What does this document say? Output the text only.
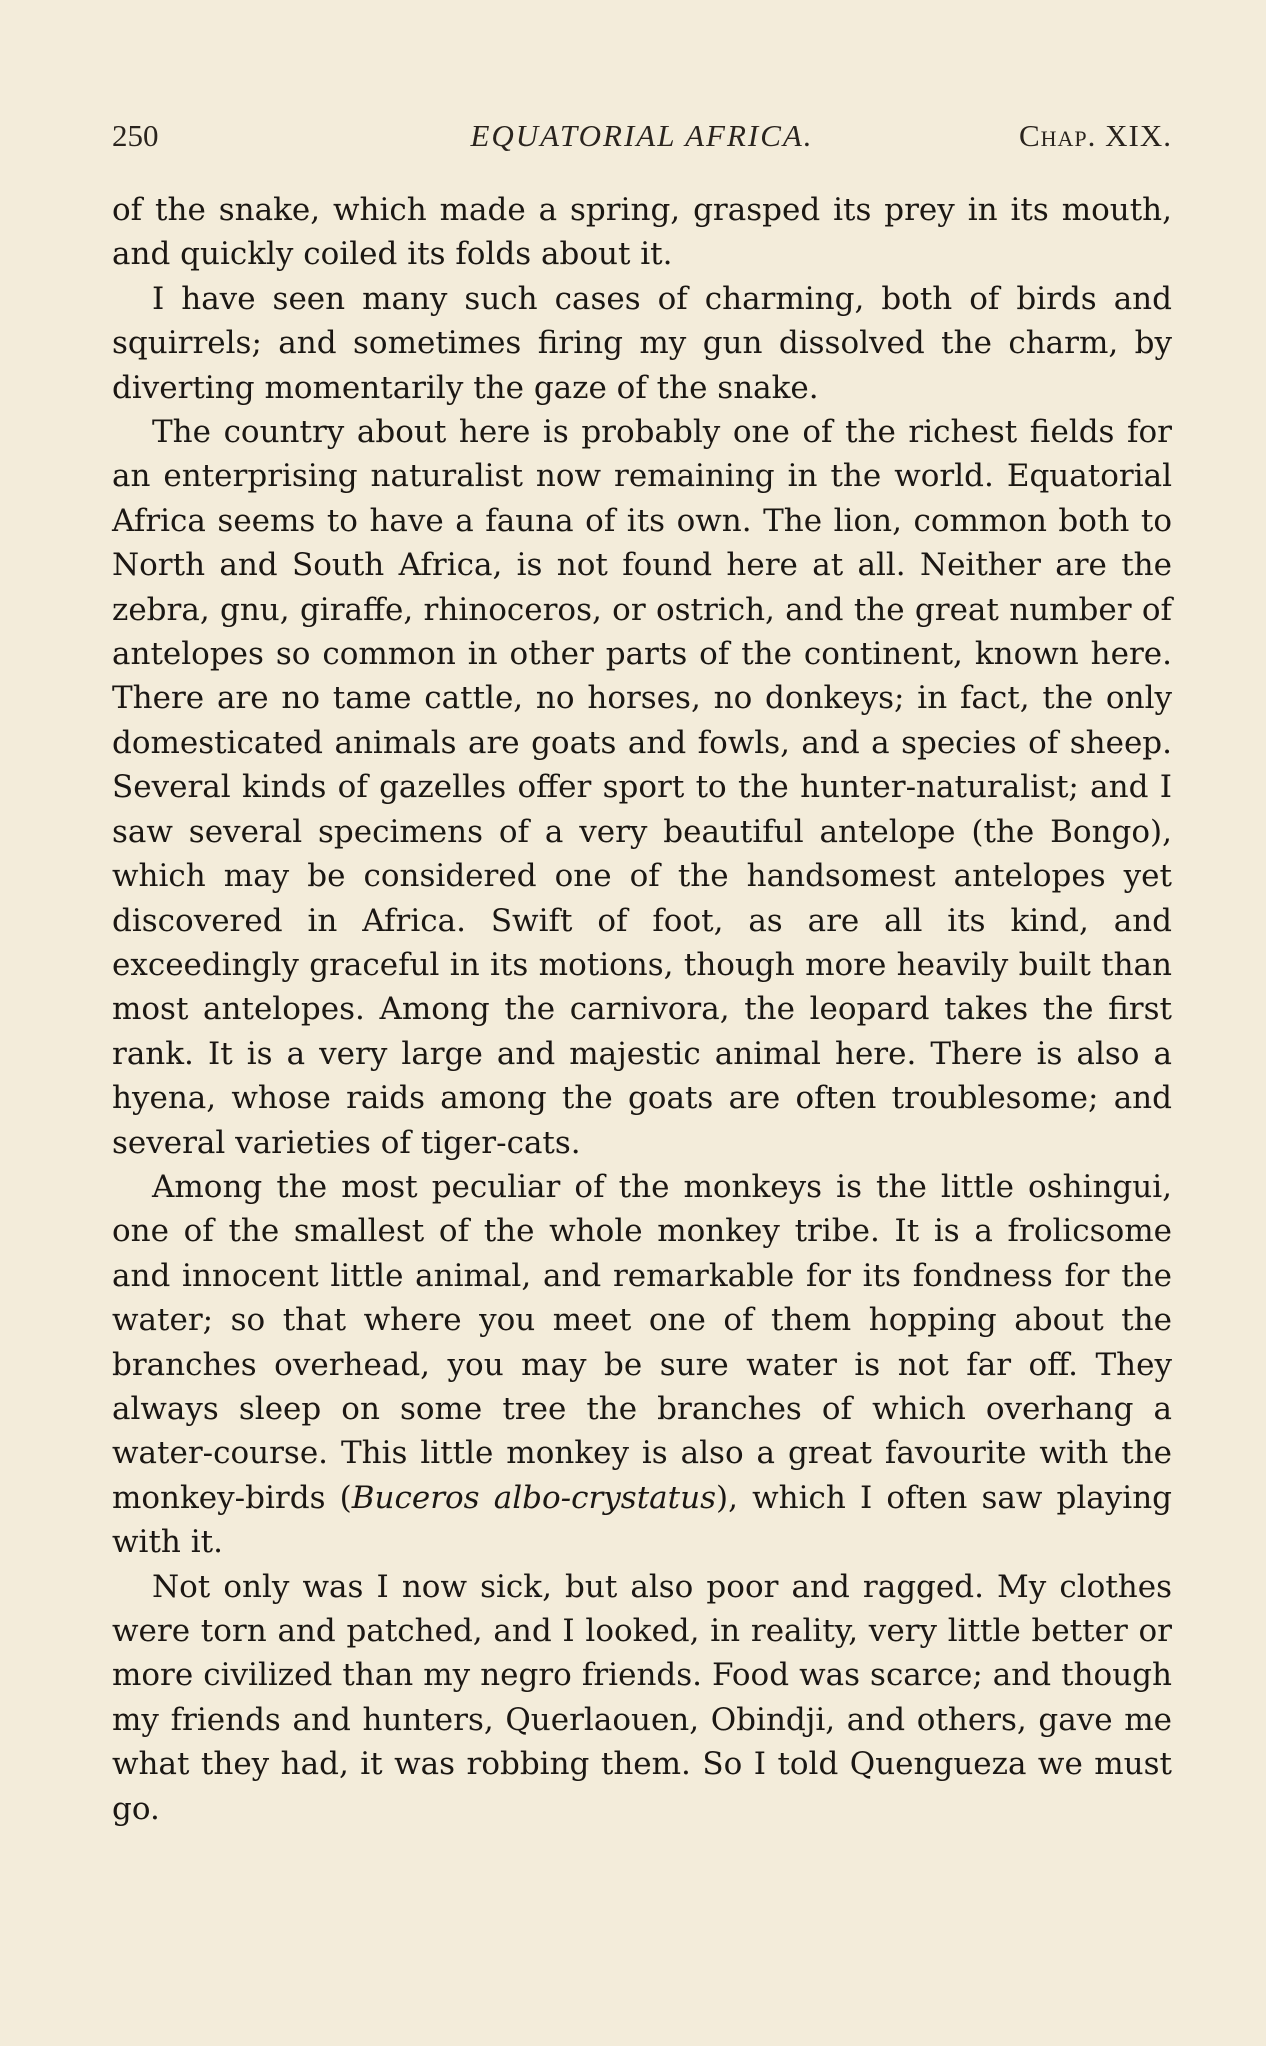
250	EQUATORIAL AFRICA.	Chap. XIX.

of the snake, which made a spring, grasped its prey in its mouth, and quickly coiled its folds about it.

I have seen many such cases of charming, both of birds and squirrels; and sometimes firing my gun dissolved the charm, by diverting momentarily the gaze of the snake.

The country about here is probably one of the richest fields for an enterprising naturalist now remaining in the world. Equatorial Africa seems to have a fauna of its own. The lion, common both to North and South Africa, is not found here at all. Neither are the zebra, gnu, giraffe, rhinoceros, or ostrich, and the great number of antelopes so common in other parts of the continent, known here. There are no tame cattle, no horses, no donkeys; in fact, the only domesticated animals are goats and fowls, and a species of sheep. Several kinds of gazelles offer sport to the hunter-naturalist; and I saw several specimens of a very beautiful antelope (the Bongo), which may be considered one of the handsomest antelopes yet discovered in Africa. Swift of foot, as are all its kind, and exceedingly graceful in its motions, though more heavily built than most antelopes. Among the carnivora, the leopard takes the first rank. It is a very large and majestic animal here. There is also a hyena, whose raids among the goats are often troublesome; and several varieties of tiger-cats.

Among the most peculiar of the monkeys is the little oshingui, one of the smallest of the whole monkey tribe. It is a frolicsome and innocent little animal, and remarkable for its fondness for the water; so that where you meet one of them hopping about the branches overhead, you may be sure water is not far off. They always sleep on some tree the branches of which overhang a water-course. This little monkey is also a great favourite with the monkey-birds (Buceros albo-crystatus), which I often saw playing with it.

Not only was I now sick, but also poor and ragged. My clothes were torn and patched, and I looked, in reality, very little better or more civilized than my negro friends. Food was scarce; and though my friends and hunters, Querlaouen, Obindji, and others, gave me what they had, it was robbing them. So I told Quengueza we must go.
